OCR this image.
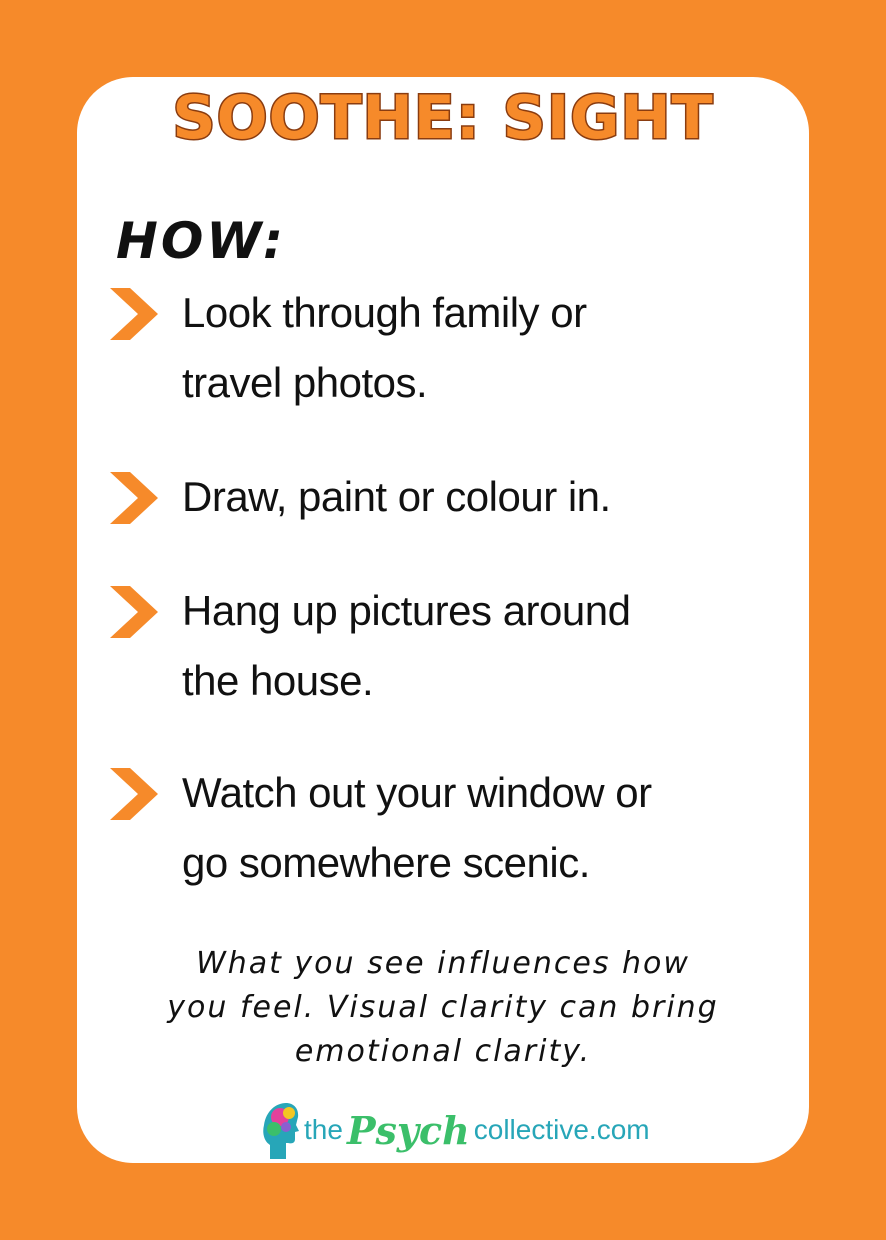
SOOTHE: SIGHT
HOW:
Look through family or
travel photos.
Draw, paint or colour in.
Hang up pictures around
the house.
Watch out your window or
go somewhere scenic.
What you see influences how
you feel. Visual clarity can bring
emotional clarity.
the Psych collective.com
